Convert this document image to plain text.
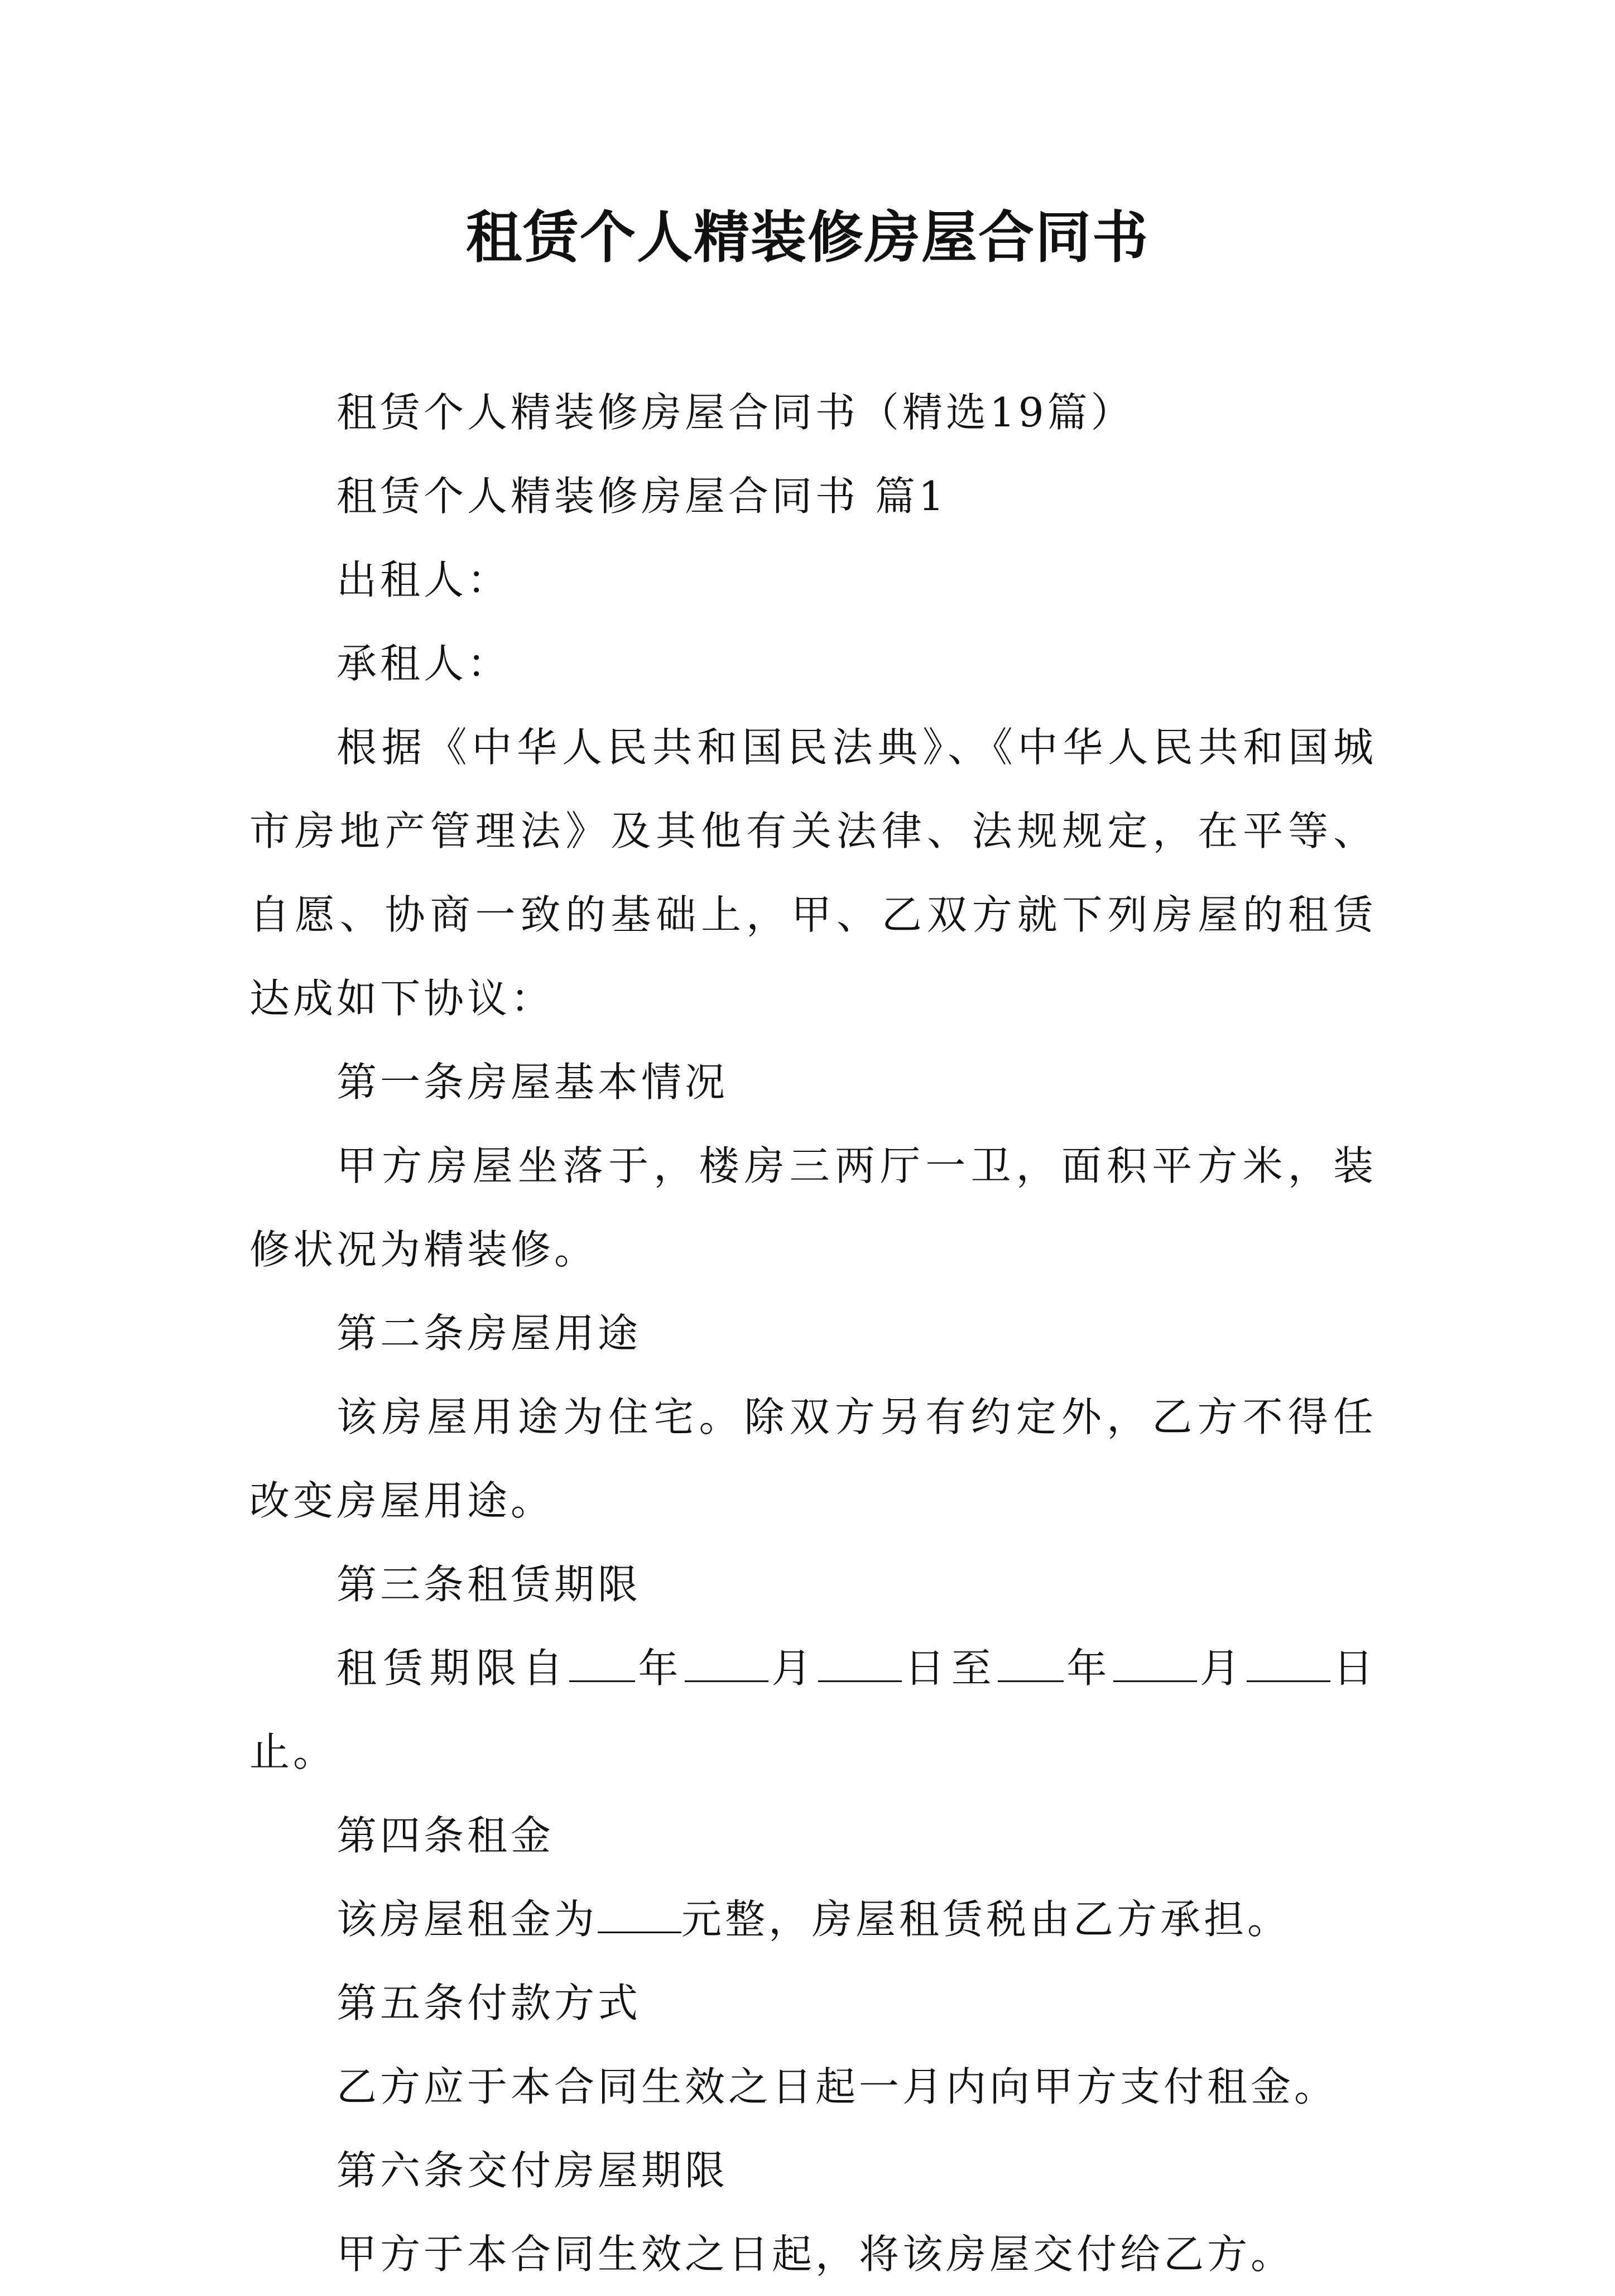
租赁个人精装修房屋合同书

租赁个人精装修房屋合同书（精选19篇）

租赁个人精装修房屋合同书 篇1

出租人：

承租人：

根据《中华人民共和国民法典》、《中华人民共和国城市房地产管理法》及其他有关法律、法规规定，在平等、自愿、协商一致的基础上，甲、乙双方就下列房屋的租赁达成如下协议：

第一条房屋基本情况

甲方房屋坐落于，楼房三两厅一卫，面积平方米，装修状况为精装修。

第二条房屋用途

该房屋用途为住宅。除双方另有约定外，乙方不得任改变房屋用途。

第三条租赁期限

租赁期限自 年 月 日至 年 月 日止。

第四条租金

该房屋租金为 元整，房屋租赁税由乙方承担。

第五条付款方式

乙方应于本合同生效之日起一月内向甲方支付租金。

第六条交付房屋期限

甲方于本合同生效之日起，将该房屋交付给乙方。
